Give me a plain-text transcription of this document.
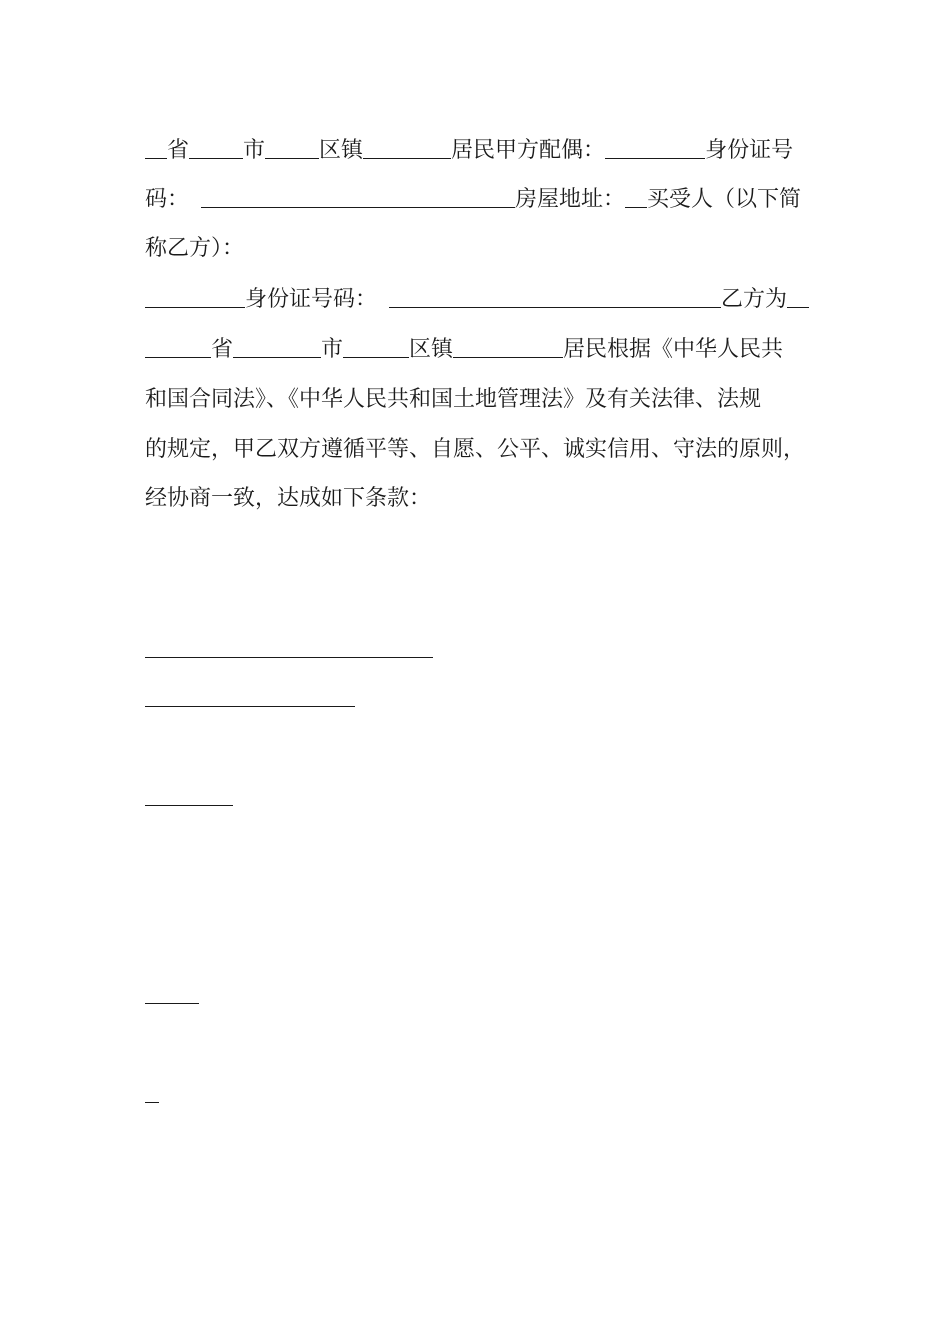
省 市 区镇	居民甲方配偶：	身份证号
码：	房屋地址： 买受人（以下简
称乙方）：
身份证号码：	乙方为
省	市	区镇	居民根据《中华人民共
和国合同法》、《中华人民共和国土地管理法》及有关法律、法规
的规定，甲乙双方遵循平等、自愿、公平、诚实信用、守法的原则，
经协商一致，达成如下条款：
